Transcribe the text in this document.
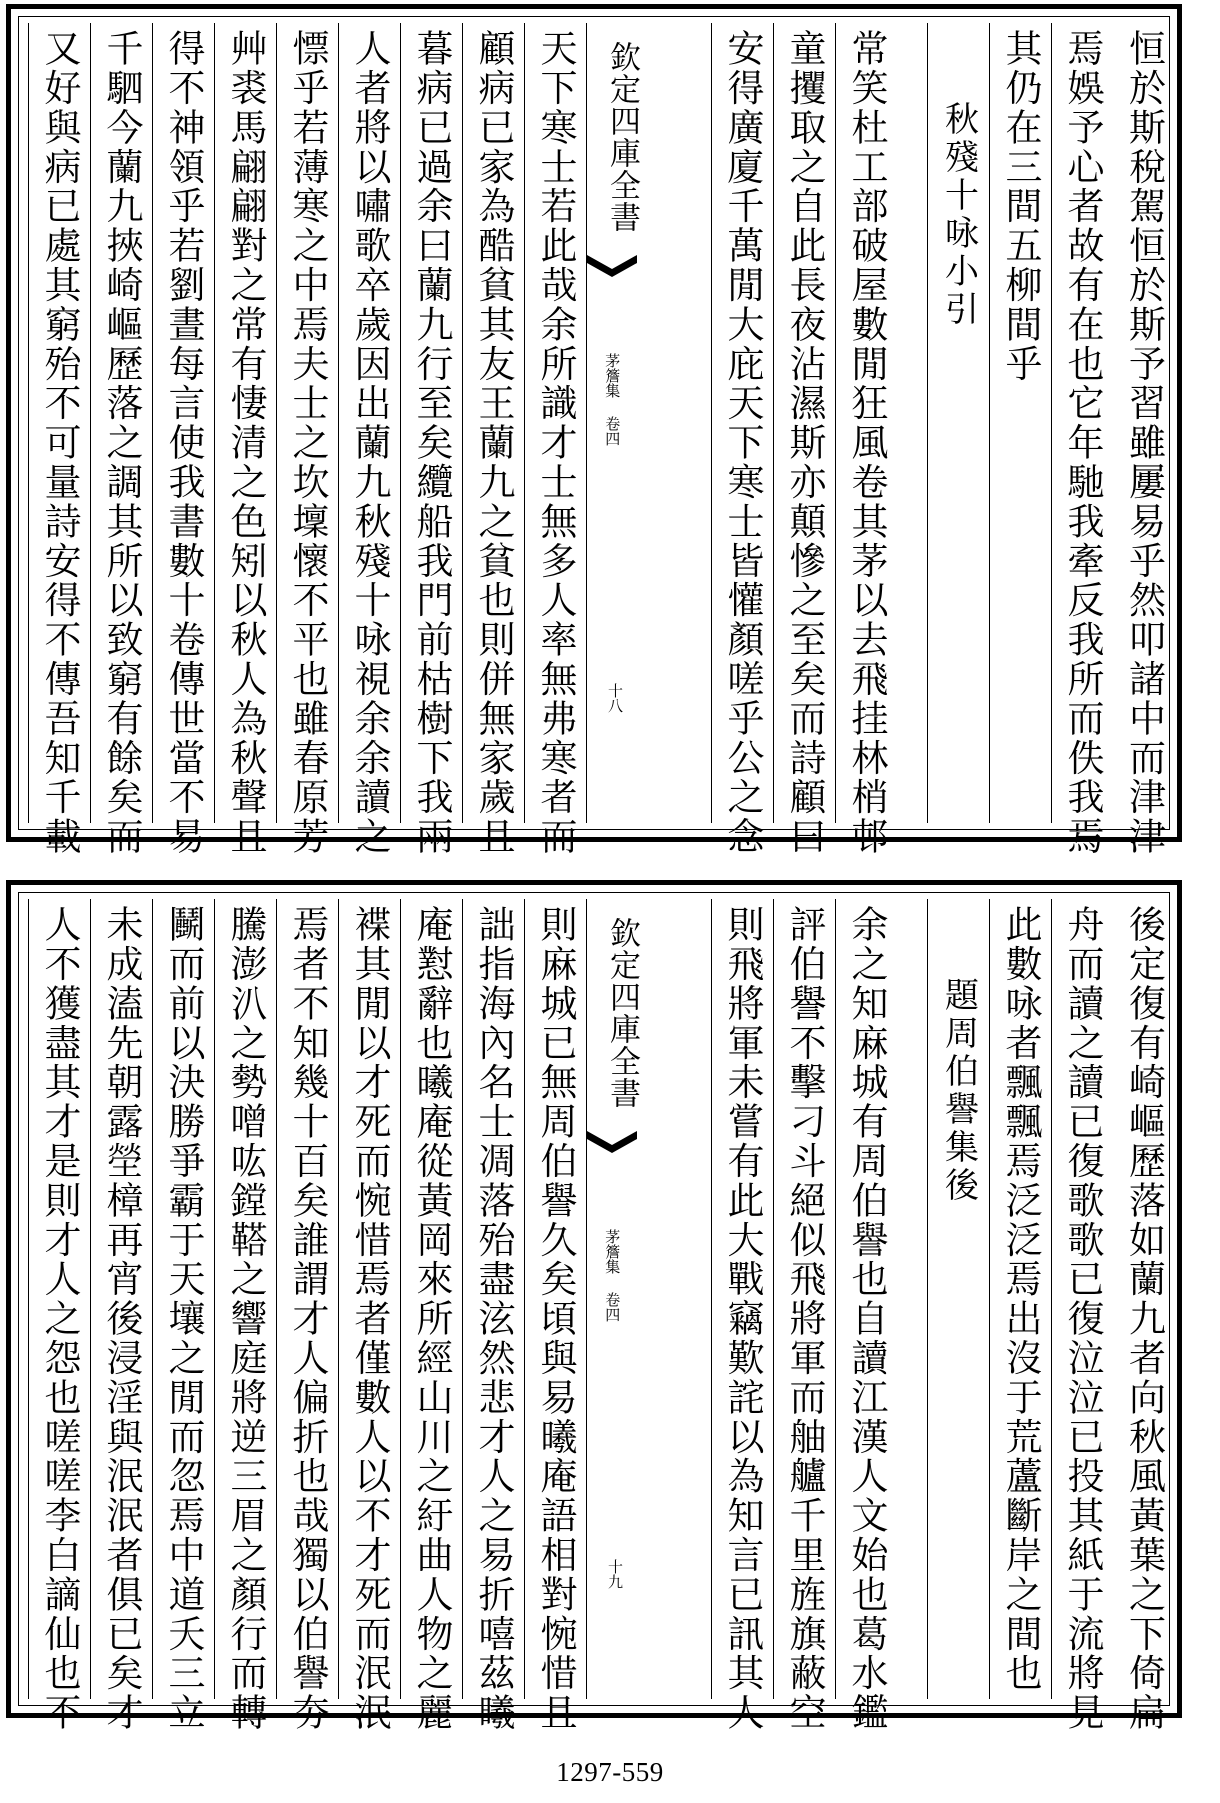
恒於斯稅駕恒於斯予習雖屢易乎然叩諸中而津津
焉娛予心者故有在也它年馳我牽反我所而佚我焉
其仍在三間五柳間乎
秋殘十咏小引
常笑杜工部破屋數閒狂風卷其茅以去飛挂林梢邨
童攫取之自此長夜沾濕斯亦顛慘之至矣而詩顧曰
安得廣廈千萬閒大庇天下寒士皆懽顏嗟乎公之念
欽定四庫全書
茅簷集 卷四
十八
天下寒士若此哉余所識才士無多人率無弗寒者而
顧病已家為酷貧其友王蘭九之貧也則併無家歲且
暮病已過余曰蘭九行至矣纜船我門前枯樹下我兩
人者將以嘯歌卒歲因出蘭九秋殘十咏視余余讀之
慓乎若薄寒之中焉夫士之坎壈懷不平也雖春原芳
艸裘馬翩翩對之常有悽清之色矧以秋人為秋聲且
得不神領乎若劉晝每言使我書數十卷傳世當不易
千駟今蘭九挾崎嶇歷落之調其所以致窮有餘矣而
又好與病已處其窮殆不可量詩安得不傳吾知千載
後定復有崎嶇歷落如蘭九者向秋風黃葉之下倚扁
舟而讀之讀已復歌歌已復泣泣已投其紙于流將見
此數咏者飄飄焉泛泛焉出沒于荒蘆斷岸之間也
題周伯譽集後
余之知麻城有周伯譽也自讀江漢人文始也葛水鑑
評伯譽不擊刁斗絕似飛將軍而舳艫千里旌旗蔽空
則飛將軍未嘗有此大戰竊歎詫以為知言已訊其人
欽定四庫全書
茅簷集 卷四
十九
則麻城已無周伯譽久矣頃與易曦庵語相對惋惜且
詘指海內名士凋落殆盡泫然悲才人之易折嘻茲曦
庵懟辭也曦庵從黃岡來所經山川之紆曲人物之麗
褋其閒以才死而惋惜焉者僅數人以不才死而泯泯
焉者不知幾十百矣誰謂才人偏折也哉獨以伯譽夯
騰澎汃之勢噌吰鏜鞳之響庭將逆三眉之顏行而轉
鬭而前以決勝爭霸于天壤之閒而忽焉中道夭三立
未成溘先朝露塋樟再宵後浸淫與泯泯者俱已矣才
人不獲盡其才是則才人之怨也嗟嗟李白謫仙也不
1297-559
